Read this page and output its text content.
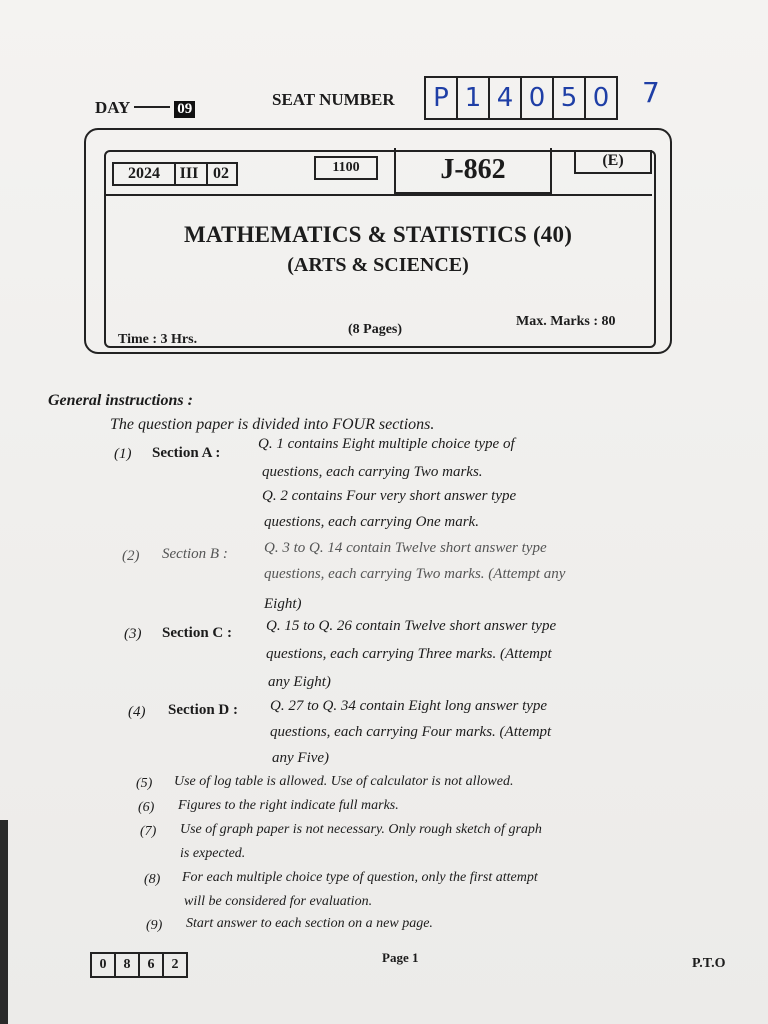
DAY	09	SEAT NUMBER P 1 4 0 5 0 7
2024	III 02	1100	J-862	(E)
MATHEMATICS & STATISTICS (40)
(ARTS & SCIENCE)
Time : 3 Hrs.
(8 Pages)
Max. Marks : 80
General instructions :
The question paper is divided into FOUR sections.
(1) Section A :
Q. 1 contains Eight multiple choice type of
questions, each carrying Two marks.
Q. 2 contains Four very short answer type
questions, each carrying One mark.
(2) Section B : Q. 3 to Q. 14 contain Twelve short answer type
questions, each carrying Two marks. (Attempt any
Eight)
(3) Section C : Q. 15 to Q. 26 contain Twelve short answer type
questions, each carrying Three marks. (Attempt
any Eight)
(4) Section D : Q. 27 to Q. 34 contain Eight long answer type
questions, each carrying Four marks. (Attempt
any Five)
(5) Use of log table is allowed. Use of calculator is not allowed.
(6) Figures to the right indicate full marks.
(7) Use of graph paper is not necessary. Only rough sketch of graph
is expected.
(8) For each multiple choice type of question, only the first attempt
will be considered for evaluation.
(9) Start answer to each section on a new page.
0	8	6	2	Page 1	P.T.O
